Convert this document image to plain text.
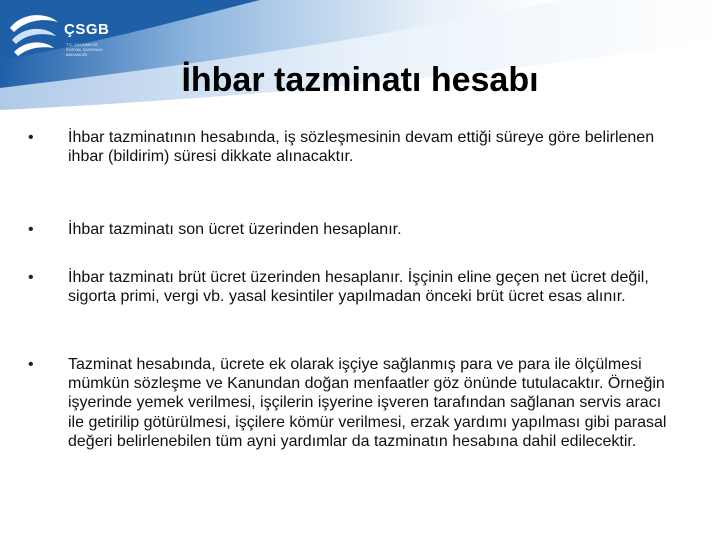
ÇSGB
T.C. ÇALIŞMA VE
SOSYAL GÜVENLİK
BAKANLIĞI
İhbar tazminatı hesabı
• İhbar tazminatının hesabında, iş sözleşmesinin devam ettiği süreye göre belirlenen ihbar (bildirim) süresi dikkate alınacaktır.
• İhbar tazminatı son ücret üzerinden hesaplanır.
• İhbar tazminatı brüt ücret üzerinden hesaplanır. İşçinin eline geçen net ücret değil, sigorta primi, vergi vb. yasal kesintiler yapılmadan önceki brüt ücret esas alınır.
• Tazminat hesabında, ücrete ek olarak işçiye sağlanmış para ve para ile ölçülmesi mümkün sözleşme ve Kanundan doğan menfaatler göz önünde tutulacaktır. Örneğin işyerinde yemek verilmesi, işçilerin işyerine işveren tarafından sağlanan servis aracı ile getirilip götürülmesi, işçilere kömür verilmesi, erzak yardımı yapılması gibi parasal değeri belirlenebilen tüm ayni yardımlar da tazminatın hesabına dahil edilecektir.
